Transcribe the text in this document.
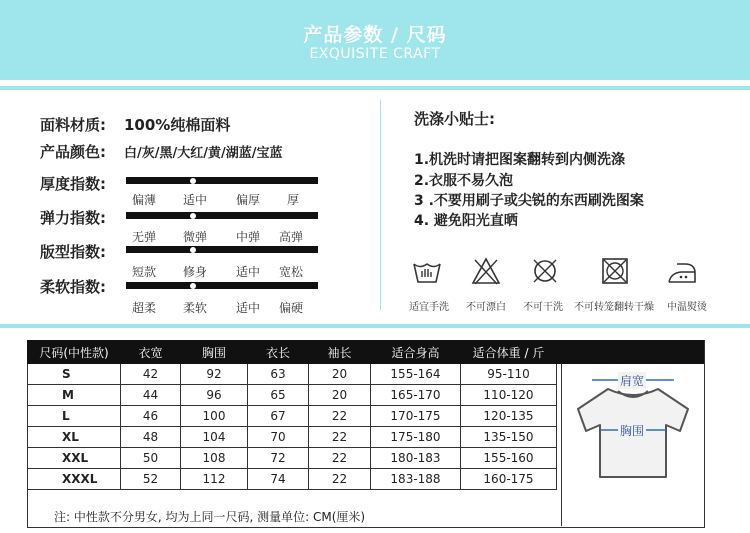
产品参数 / 尺码
EXQUISITE CRAFT
面料材质: 100%纯棉面料
产品颜色: 白/灰/黑/大红/黄/湖蓝/宝蓝
厚度指数:
偏薄 适中 偏厚 厚
弹力指数:
无弹 微弹 中弹 高弹
版型指数:
短款 修身 适中 宽松
柔软指数:
超柔 柔软 适中 偏硬
洗涤小贴士:
1.机洗时请把图案翻转到内侧洗涤
2.衣服不易久泡
3 .不要用刷子或尖锐的东西刷洗图案
4. 避免阳光直晒
适宜手洗 不可漂白 不可干洗 不可转笼翻转干燥 中温熨烫
尺码(中性款)	衣宽	胸围	衣长	袖长	适合身高	适合体重 / 斤	
S	42	92	63	20	155-164	95-110	
M	44	96	65	20	165-170	110-120	
L	46	100	67	22	170-175	120-135	
XL	48	104	70	22	175-180	135-150	
XXL	50	108	72	22	180-183	155-160	
XXXL	52	112	74	22	183-188	160-175	
注: 中性款不分男女, 均为上同一尺码, 测量单位: CM(厘米)
肩宽
胸围
